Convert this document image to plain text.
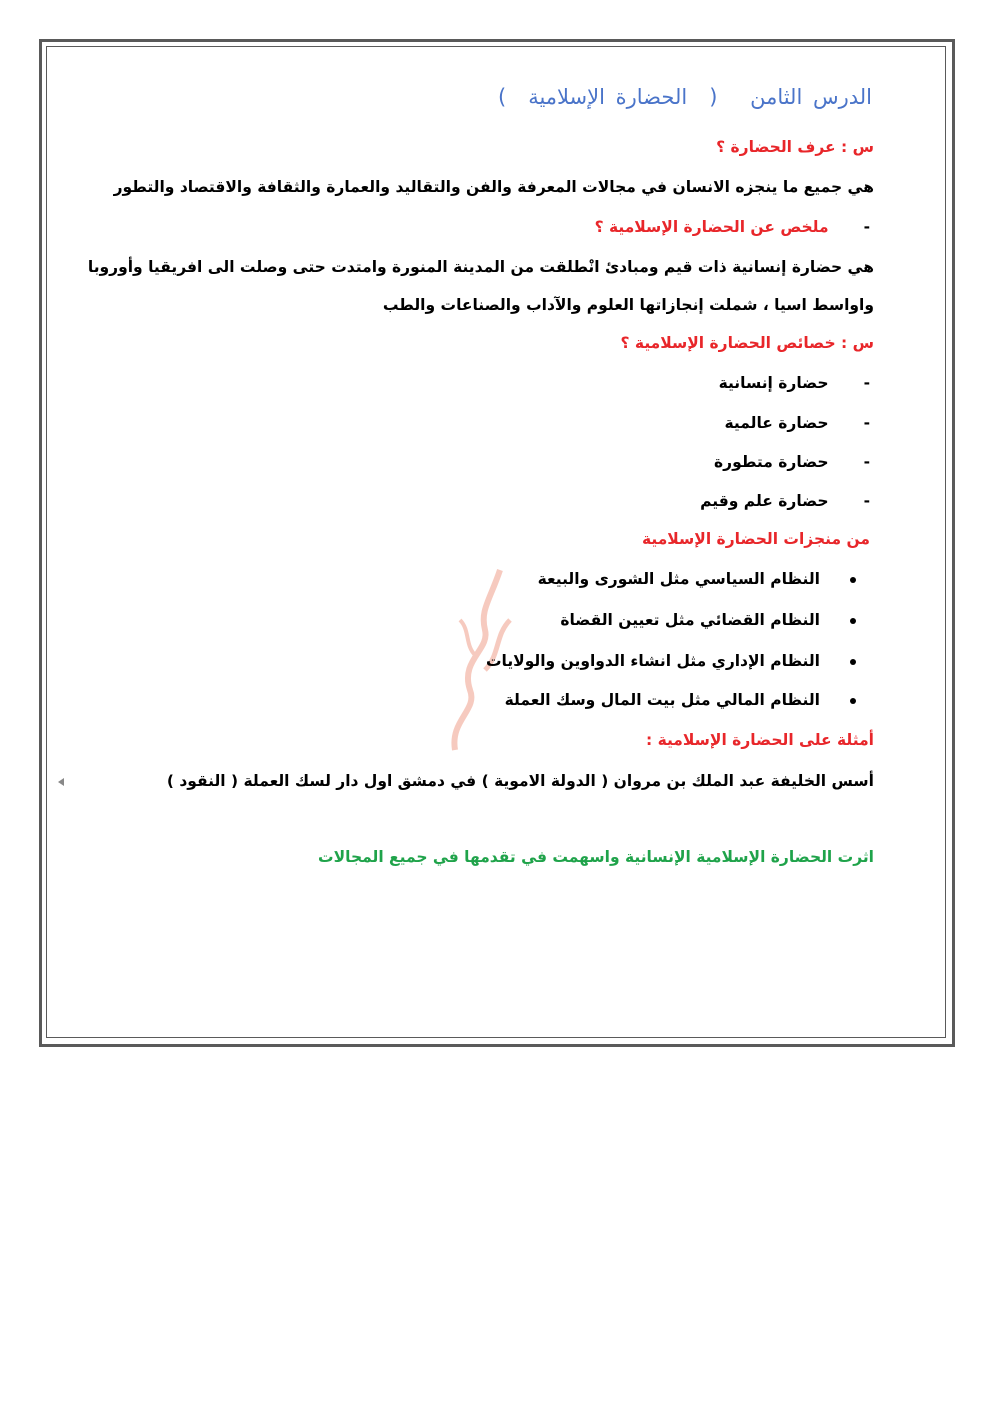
الدرس الثامن (الحضارة الإسلامية)
س : عرف الحضارة ؟
هي جميع ما ينجزه الانسان في مجالات المعرفة والفن والتقاليد والعمارة والثقافة والاقتصاد والتطور
- ملخص عن الحضارة الإسلامية ؟
هي حضارة إنسانية ذات قيم ومبادئ انْطلقت من المدينة المنورة وامتدت حتى وصلت الى افريقيا وأوروبا
واواسط اسيا ، شملت إنجازاتها العلوم والآداب والصناعات والطب
س : خصائص الحضارة الإسلامية ؟
- حضارة إنسانية
- حضارة عالمية
- حضارة متطورة
- حضارة علم وقيم
من منجزات الحضارة الإسلامية
النظام السياسي مثل الشورى والبيعة
النظام القضائي مثل تعيين القضاة
النظام الإداري مثل انشاء الدواوين والولايات
النظام المالي مثل بيت المال وسك العملة
أمثلة على الحضارة الإسلامية :
أسس الخليفة عبد الملك بن مروان ( الدولة الاموية ) في دمشق اول دار لسك العملة ( النقود )
اثرت الحضارة الإسلامية الإنسانية واسهمت في تقدمها في جميع المجالات
